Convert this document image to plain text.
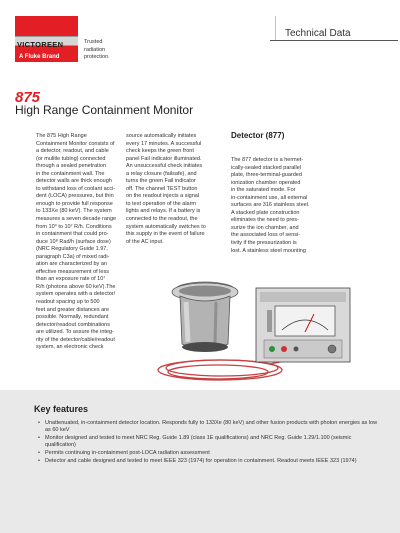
VICTOREEN
A Fluke Brand
Trusted
radiation
protection.
Technical Data
875
High Range Containment Monitor
The 875 High Range
Containment Monitor consists of
a detector, readout, and cable
(or mulitle tubing) connected
through a sealed penetration
in the containment wall. The
detector walls are thick enough
to withstand loss of coolant acci-
dent (LOCA) pressures, but thin
enough to provide full response
to 133Xe (80 keV). The system
measures a seven decade range
from 10⁰ to 10⁷ R/h. Conditions
in containment that could pro-
duce 10⁸ Rad/h (surface dose)
(NRC Regulatory Guide 1.97,
paragraph C3a) of mixed radi-
ation are characterized by an
effective measurement of less
than an exposure rate of 10⁷
R/h (photons above 60 keV).The
system operates with a detector/
readout spacing up to 500
feet and greater distances are
possible. Normally, redundant
detector/readout combinations
are utilized. To assure the integ-
rity of the detector/cable/readout
system, an electronic check
source automatically initiates
every 17 minutes. A successful
check keeps the green front
panel Fail indicator illuminated.
An unsuccessful check initiates
a relay closure (failsafe), and
turns the green Fail indicator
off. The channel TEST button
on the readout injects a signal
to test operation of the alarm
lights and relays. If a battery is
connected to the readout, the
system automatically switches to
this supply in the event of failure
of the AC input.
Detector (877)
The 877 detector is a hermet-
ically-sealed stacked parallel
plate, three-terminal-guarded
ionization chamber operated
in the saturated mode. For
in-containment use, all external
surfaces are 316 stainless steel.
A stacked plate construction
eliminates the need to pres-
surize the ion chamber, and
the associated loss of sensi-
tivity if the pressurization is
lost. A stainless steel mounting
Key features
• Unattenuated, in-containment detector location. Responds fully to 133Xe (80 keV) and other fusion products with photon energies as low as 60 keV
• Monitor designed and tested to meet NRC Reg. Guide 1.89 (class 1E qualifications) and NRC Reg. Guide 1.29/1.100 (seismic qualification)
• Permits continuing in-containment post-LOCA radiation assessment
• Detector and cable designed and tested to meet IEEE 323 (1974) for operation in containment. Readout meets IEEE 323 (1974)
